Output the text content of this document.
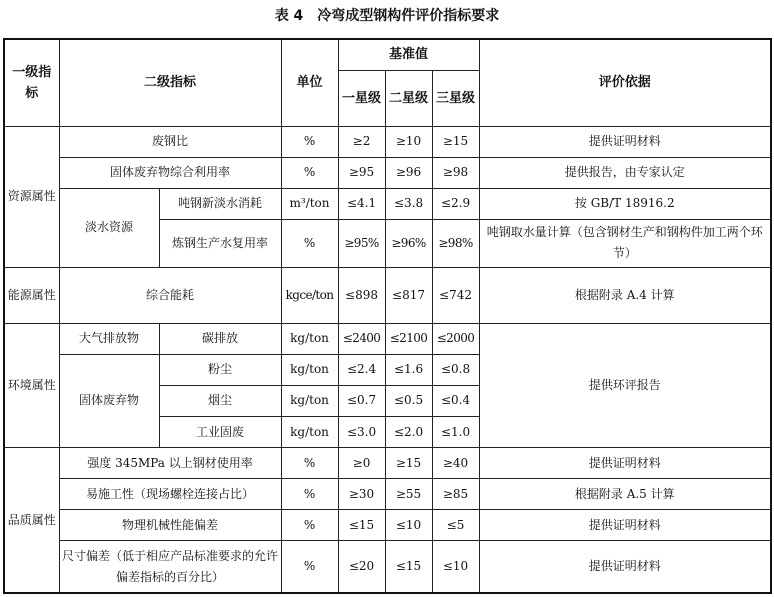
表 4　冷弯成型钢构件评价指标要求
一级指标	二级指标		单位	基准值			评价依据
				一星级	二星级	三星级	
资源属性	废钢比		%	≥2	≥10	≥15	提供证明材料
	固体废弃物综合利用率		%	≥95	≥96	≥98	提供报告，由专家认定
	淡水资源	吨钢新淡水消耗	m³/ton	≤4.1	≤3.8	≤2.9	按 GB/T 18916.2
		炼钢生产水复用率	%	≥95%	≥96%	≥98%	吨钢取水量计算（包含钢材生产和钢构件加工两个环节）
能源属性	综合能耗		kgce/ton	≤898	≤817	≤742	根据附录 A.4 计算
环境属性	大气排放物	碳排放	kg/ton	≤2400	≤2100	≤2000	提供环评报告
	固体废弃物	粉尘	kg/ton	≤2.4	≤1.6	≤0.8	
		烟尘	kg/ton	≤0.7	≤0.5	≤0.4	
		工业固废	kg/ton	≤3.0	≤2.0	≤1.0	
品质属性	强度 345MPa 以上钢材使用率		%	≥0	≥15	≥40	提供证明材料
	易施工性（现场螺栓连接占比）		%	≥30	≥55	≥85	根据附录 A.5 计算
	物理机械性能偏差		%	≤15	≤10	≤5	提供证明材料
	尺寸偏差（低于相应产品标准要求的允许偏差指标的百分比）		%	≤20	≤15	≤10	提供证明材料
